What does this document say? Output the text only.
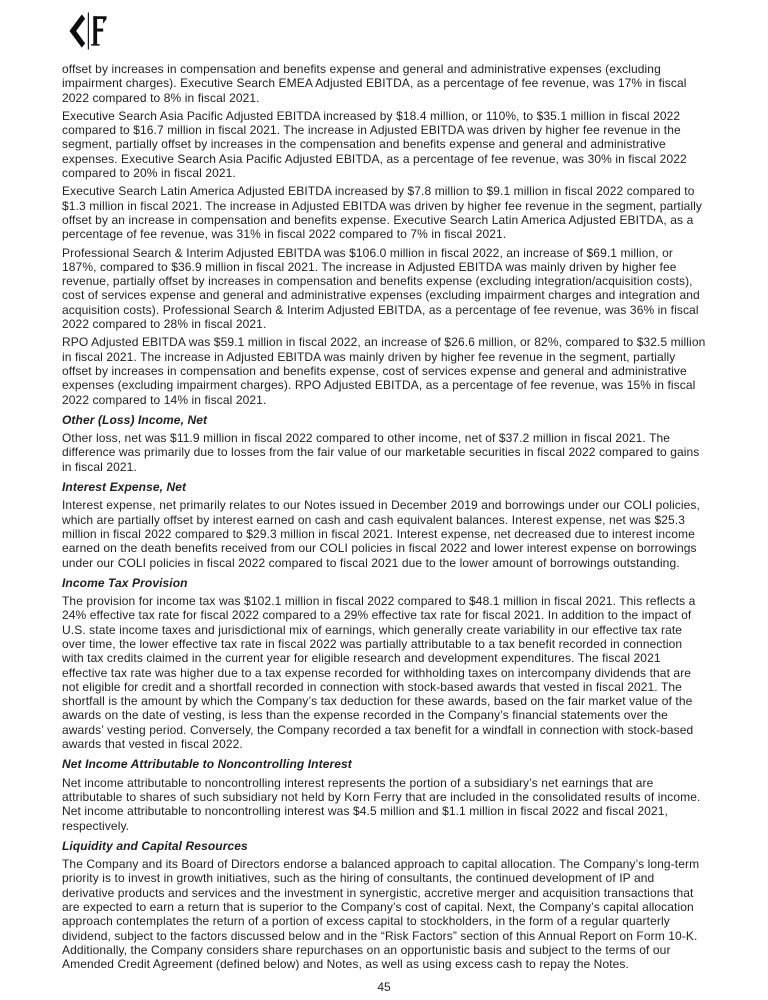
offset by increases in compensation and benefits expense and general and administrative expenses (excluding impairment charges). Executive Search EMEA Adjusted EBITDA, as a percentage of fee revenue, was 17% in fiscal 2022 compared to 8% in fiscal 2021.

Executive Search Asia Pacific Adjusted EBITDA increased by $18.4 million, or 110%, to $35.1 million in fiscal 2022 compared to $16.7 million in fiscal 2021. The increase in Adjusted EBITDA was driven by higher fee revenue in the segment, partially offset by increases in the compensation and benefits expense and general and administrative expenses. Executive Search Asia Pacific Adjusted EBITDA, as a percentage of fee revenue, was 30% in fiscal 2022 compared to 20% in fiscal 2021.

Executive Search Latin America Adjusted EBITDA increased by $7.8 million to $9.1 million in fiscal 2022 compared to $1.3 million in fiscal 2021. The increase in Adjusted EBITDA was driven by higher fee revenue in the segment, partially offset by an increase in compensation and benefits expense. Executive Search Latin America Adjusted EBITDA, as a percentage of fee revenue, was 31% in fiscal 2022 compared to 7% in fiscal 2021.

Professional Search & Interim Adjusted EBITDA was $106.0 million in fiscal 2022, an increase of $69.1 million, or 187%, compared to $36.9 million in fiscal 2021. The increase in Adjusted EBITDA was mainly driven by higher fee revenue, partially offset by increases in compensation and benefits expense (excluding integration/acquisition costs), cost of services expense and general and administrative expenses (excluding impairment charges and integration and acquisition costs). Professional Search & Interim Adjusted EBITDA, as a percentage of fee revenue, was 36% in fiscal 2022 compared to 28% in fiscal 2021.

RPO Adjusted EBITDA was $59.1 million in fiscal 2022, an increase of $26.6 million, or 82%, compared to $32.5 million in fiscal 2021. The increase in Adjusted EBITDA was mainly driven by higher fee revenue in the segment, partially offset by increases in compensation and benefits expense, cost of services expense and general and administrative expenses (excluding impairment charges). RPO Adjusted EBITDA, as a percentage of fee revenue, was 15% in fiscal 2022 compared to 14% in fiscal 2021.

Other (Loss) Income, Net

Other loss, net was $11.9 million in fiscal 2022 compared to other income, net of $37.2 million in fiscal 2021. The difference was primarily due to losses from the fair value of our marketable securities in fiscal 2022 compared to gains in fiscal 2021.

Interest Expense, Net

Interest expense, net primarily relates to our Notes issued in December 2019 and borrowings under our COLI policies, which are partially offset by interest earned on cash and cash equivalent balances. Interest expense, net was $25.3 million in fiscal 2022 compared to $29.3 million in fiscal 2021. Interest expense, net decreased due to interest income earned on the death benefits received from our COLI policies in fiscal 2022 and lower interest expense on borrowings under our COLI policies in fiscal 2022 compared to fiscal 2021 due to the lower amount of borrowings outstanding.

Income Tax Provision

The provision for income tax was $102.1 million in fiscal 2022 compared to $48.1 million in fiscal 2021. This reflects a 24% effective tax rate for fiscal 2022 compared to a 29% effective tax rate for fiscal 2021. In addition to the impact of U.S. state income taxes and jurisdictional mix of earnings, which generally create variability in our effective tax rate over time, the lower effective tax rate in fiscal 2022 was partially attributable to a tax benefit recorded in connection with tax credits claimed in the current year for eligible research and development expenditures. The fiscal 2021 effective tax rate was higher due to a tax expense recorded for withholding taxes on intercompany dividends that are not eligible for credit and a shortfall recorded in connection with stock-based awards that vested in fiscal 2021. The shortfall is the amount by which the Company’s tax deduction for these awards, based on the fair market value of the awards on the date of vesting, is less than the expense recorded in the Company’s financial statements over the awards’ vesting period. Conversely, the Company recorded a tax benefit for a windfall in connection with stock-based awards that vested in fiscal 2022.

Net Income Attributable to Noncontrolling Interest

Net income attributable to noncontrolling interest represents the portion of a subsidiary’s net earnings that are attributable to shares of such subsidiary not held by Korn Ferry that are included in the consolidated results of income. Net income attributable to noncontrolling interest was $4.5 million and $1.1 million in fiscal 2022 and fiscal 2021, respectively.

Liquidity and Capital Resources

The Company and its Board of Directors endorse a balanced approach to capital allocation. The Company’s long-term priority is to invest in growth initiatives, such as the hiring of consultants, the continued development of IP and derivative products and services and the investment in synergistic, accretive merger and acquisition transactions that are expected to earn a return that is superior to the Company’s cost of capital. Next, the Company’s capital allocation approach contemplates the return of a portion of excess capital to stockholders, in the form of a regular quarterly dividend, subject to the factors discussed below and in the “Risk Factors” section of this Annual Report on Form 10-K. Additionally, the Company considers share repurchases on an opportunistic basis and subject to the terms of our Amended Credit Agreement (defined below) and Notes, as well as using excess cash to repay the Notes.

45
